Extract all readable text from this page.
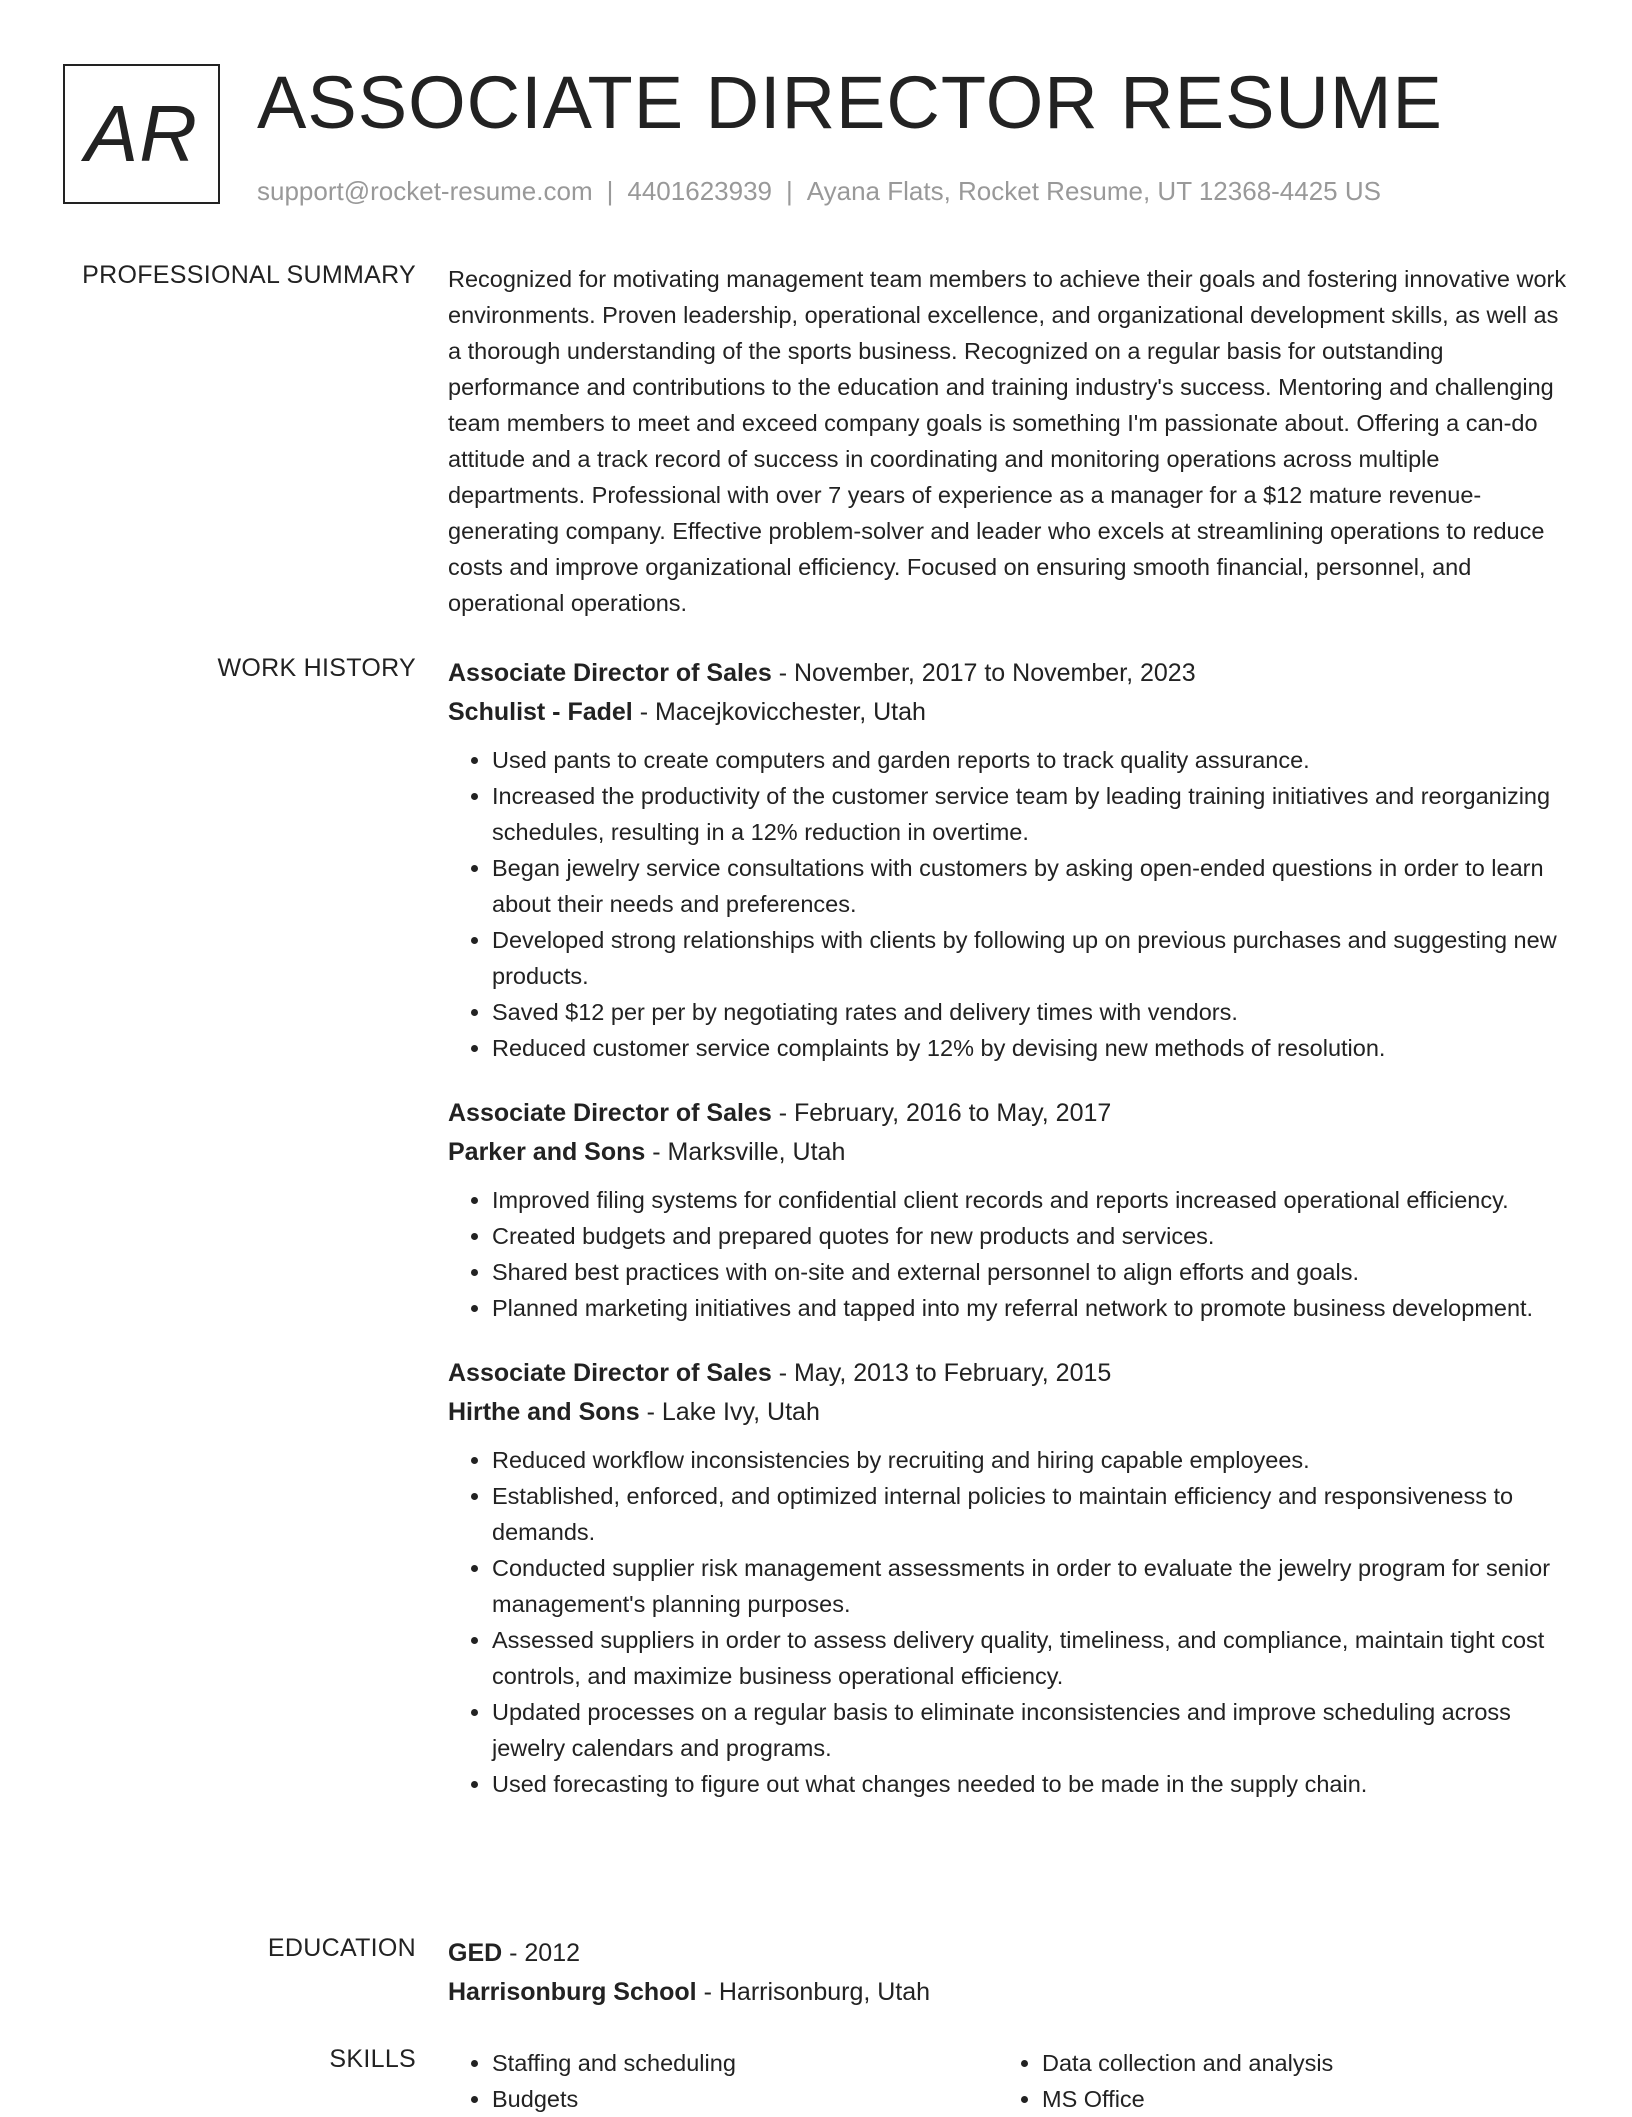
AR ASSOCIATE DIRECTOR RESUME
support@rocket-resume.com | 4401623939 | Ayana Flats, Rocket Resume, UT 12368-4425 US
PROFESSIONAL SUMMARY Recognized for motivating management team members to achieve their goals and fostering innovative work environments. Proven leadership, operational excellence, and organizational development skills, as well as a thorough understanding of the sports business. Recognized on a regular basis for outstanding performance and contributions to the education and training industry's success. Mentoring and challenging team members to meet and exceed company goals is something I'm passionate about. Offering a can-do attitude and a track record of success in coordinating and monitoring operations across multiple departments. Professional with over 7 years of experience as a manager for a $12 mature revenue-generating company. Effective problem-solver and leader who excels at streamlining operations to reduce costs and improve organizational efficiency. Focused on ensuring smooth financial, personnel, and operational operations.

WORK HISTORY Associate Director of Sales - November, 2017 to November, 2023
Schulist - Fadel - Macejkovicchester, Utah
• Used pants to create computers and garden reports to track quality assurance.
• Increased the productivity of the customer service team by leading training initiatives and reorganizing schedules, resulting in a 12% reduction in overtime.
• Began jewelry service consultations with customers by asking open-ended questions in order to learn about their needs and preferences.
• Developed strong relationships with clients by following up on previous purchases and suggesting new products.
• Saved $12 per per by negotiating rates and delivery times with vendors.
• Reduced customer service complaints by 12% by devising new methods of resolution.
Associate Director of Sales - February, 2016 to May, 2017
Parker and Sons - Marksville, Utah
• Improved filing systems for confidential client records and reports increased operational efficiency.
• Created budgets and prepared quotes for new products and services.
• Shared best practices with on-site and external personnel to align efforts and goals.
• Planned marketing initiatives and tapped into my referral network to promote business development.
Associate Director of Sales - May, 2013 to February, 2015
Hirthe and Sons - Lake Ivy, Utah
• Reduced workflow inconsistencies by recruiting and hiring capable employees.
• Established, enforced, and optimized internal policies to maintain efficiency and responsiveness to demands.
• Conducted supplier risk management assessments in order to evaluate the jewelry program for senior management's planning purposes.
• Assessed suppliers in order to assess delivery quality, timeliness, and compliance, maintain tight cost controls, and maximize business operational efficiency.
• Updated processes on a regular basis to eliminate inconsistencies and improve scheduling across jewelry calendars and programs.
• Used forecasting to figure out what changes needed to be made in the supply chain.
EDUCATION GED - 2012
Harrisonburg School - Harrisonburg, Utah
SKILLS
•	Staffing and scheduling
• Budgets
• Data collection and analysis
• MS Office
